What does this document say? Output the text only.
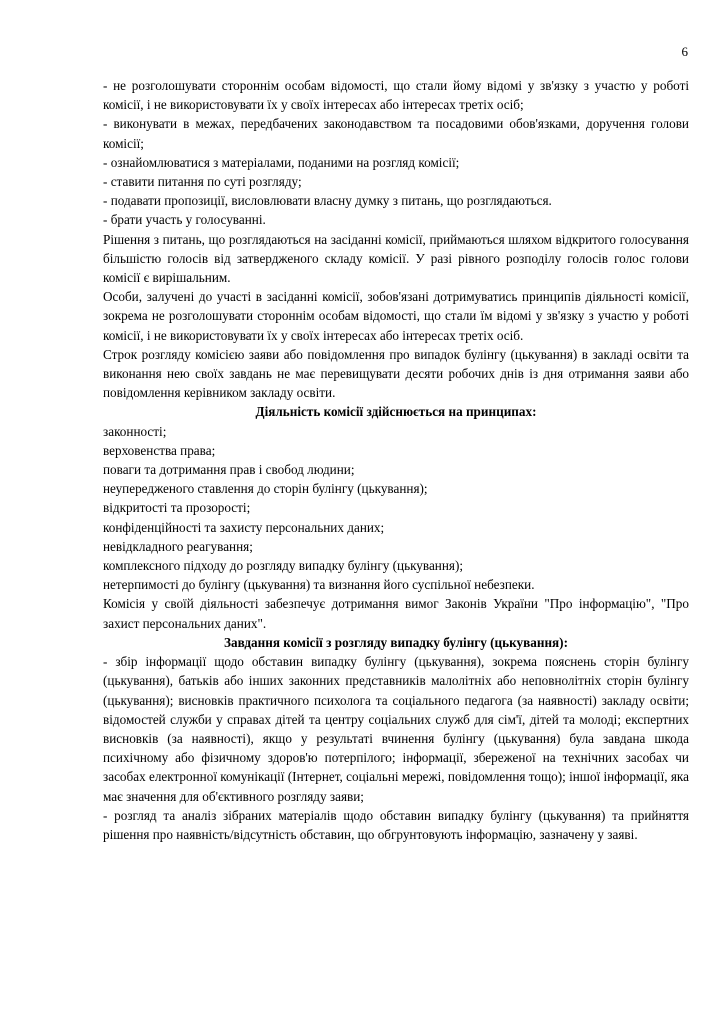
6

- не розголошувати стороннім особам відомості, що стали йому відомі у зв'язку з участю у роботі комісії, і не використовувати їх у своїх інтересах або інтересах третіх осіб;

- виконувати в межах, передбачених законодавством та посадовими обов'язками, доручення голови комісії;

- ознайомлюватися з матеріалами, поданими на розгляд комісії;

- ставити питання по суті розгляду;

- подавати пропозиції, висловлювати власну думку з питань, що розглядаються.

- брати участь у голосуванні.

Рішення з питань, що розглядаються на засіданні комісії, приймаються шляхом відкритого голосування більшістю голосів від затвердженого складу комісії. У разі рівного розподілу голосів голос голови комісії є вирішальним.

Особи, залучені до участі в засіданні комісії, зобов'язані дотримуватись принципів діяльності комісії, зокрема не розголошувати стороннім особам відомості, що стали їм відомі у зв'язку з участю у роботі комісії, і не використовувати їх у своїх інтересах або інтересах третіх осіб.

Строк розгляду комісією заяви або повідомлення про випадок булінгу (цькування) в закладі освіти та виконання нею своїх завдань не має перевищувати десяти робочих днів із дня отримання заяви або повідомлення керівником закладу освіти.

Діяльність комісії здійснюється на принципах:

законності;

верховенства права;

поваги та дотримання прав і свобод людини;

неупередженого ставлення до сторін булінгу (цькування);

відкритості та прозорості;

конфіденційності та захисту персональних даних;

невідкладного реагування;

комплексного підходу до розгляду випадку булінгу (цькування);

нетерпимості до булінгу (цькування) та визнання його суспільної небезпеки.

Комісія у своїй діяльності забезпечує дотримання вимог Законів України "Про інформацію", "Про захист персональних даних".

Завдання комісії з розгляду випадку булінгу (цькування):

- збір інформації щодо обставин випадку булінгу (цькування), зокрема пояснень сторін булінгу (цькування), батьків або інших законних представників малолітніх або неповнолітніх сторін булінгу (цькування); висновків практичного психолога та соціального педагога (за наявності) закладу освіти; відомостей служби у справах дітей та центру соціальних служб для сім'ї, дітей та молоді; експертних висновків (за наявності), якщо у результаті вчинення булінгу (цькування) була завдана шкода психічному або фізичному здоров'ю потерпілого; інформації, збереженої на технічних засобах чи засобах електронної комунікації (Інтернет, соціальні мережі, повідомлення тощо); іншої інформації, яка має значення для об'єктивного розгляду заяви;

- розгляд та аналіз зібраних матеріалів щодо обставин випадку булінгу (цькування) та прийняття рішення про наявність/відсутність обставин, що обгрунтовують інформацію, зазначену у заяві.
